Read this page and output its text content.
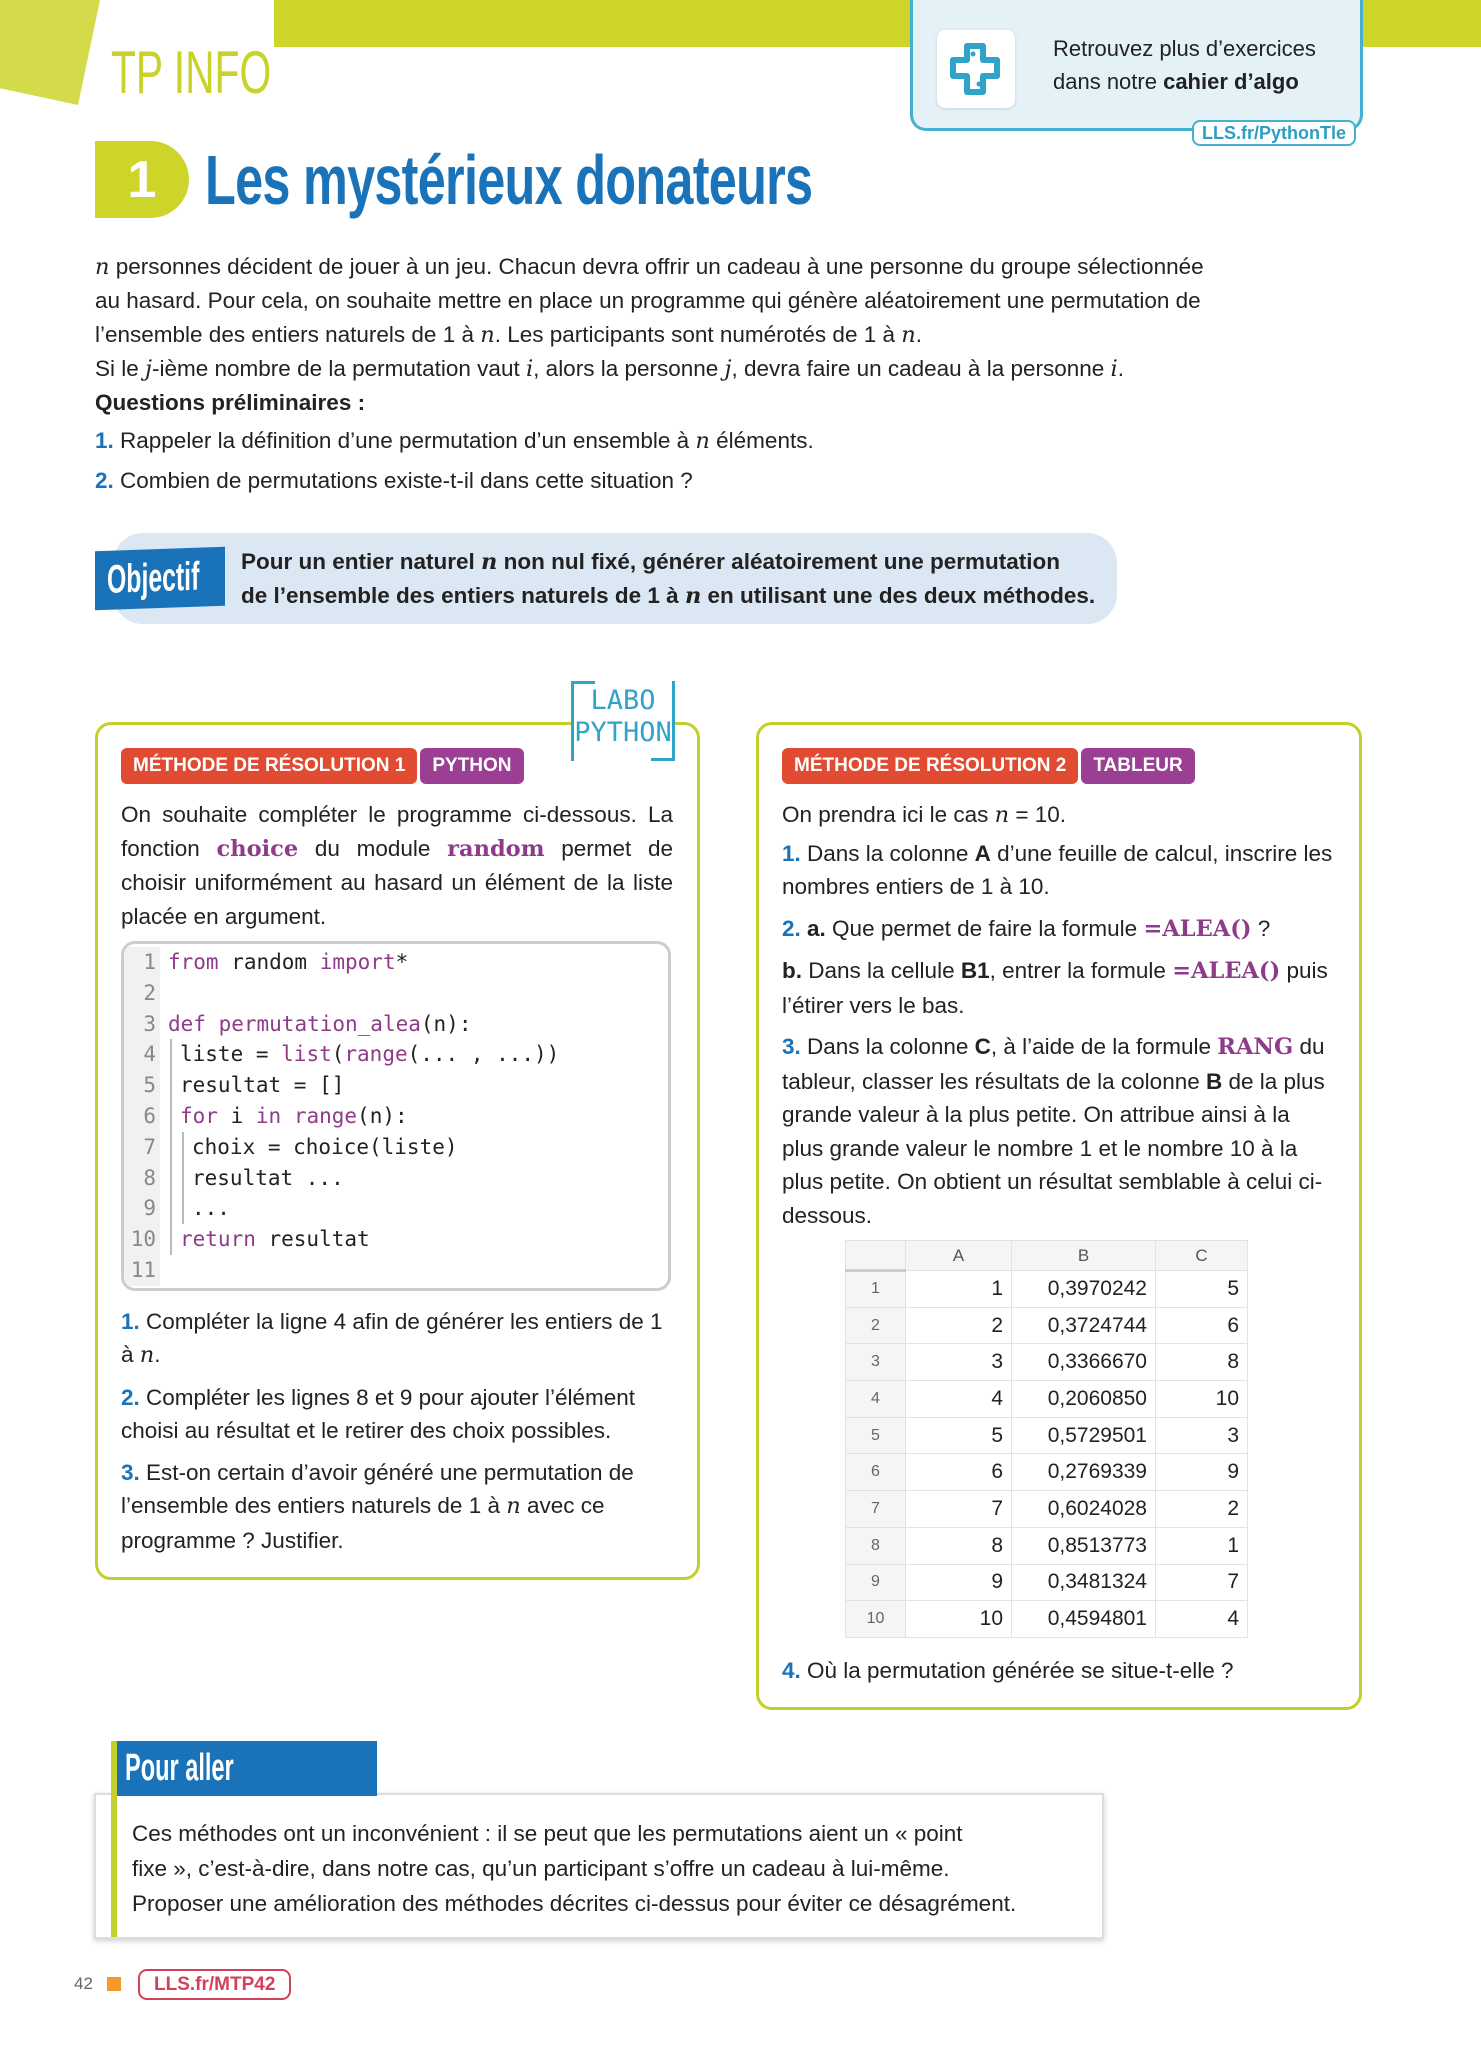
TP INFO	Retrouvez plus d’exercices
dans notre cahier d’algo
LLS.fr/PythonTle
1 Les mystérieux donateurs
n personnes décident de jouer à un jeu. Chacun devra offrir un cadeau à une personne du groupe sélectionnée
au hasard. Pour cela, on souhaite mettre en place un programme qui génère aléatoirement une permutation de
l’ensemble des entiers naturels de 1 à n. Les participants sont numérotés de 1 à n.
Si le j-ième nombre de la permutation vaut i, alors la personne j, devra faire un cadeau à la personne i.
Questions préliminaires :
1. Rappeler la définition d’une permutation d’un ensemble à n éléments.
2. Combien de permutations existe-t-il dans cette situation ?
Objectif	Pour un entier naturel n non nul fixé, générer aléatoirement une permutation
de l’ensemble des entiers naturels de 1 à n en utilisant une des deux méthodes.
MÉTHODE DE RÉSOLUTION 1	PYTHON
On souhaite compléter le programme ci-dessous. La fonction choice du module random permet de choisir uniformément au hasard un élément de la liste placée en argument.
1 from random import *
2
3 def
permutation_alea (n):
4 liste = list ( range (... , ...))
5 resultat = []
6 for i in
range (n):
7 choix = choice(liste)
8 resultat ...
9 ...
10 return resultat
11
1. Compléter la ligne 4 afin de générer les entiers de 1 à n.
2. Compléter les lignes 8 et 9 pour ajouter l’élément choisi au résultat et le retirer des choix possibles.
3. Est-on certain d’avoir généré une permutation de l’ensemble des entiers naturels de 1 à n avec ce programme ? Justifier.
LABO
PYTHON
MÉTHODE DE RÉSOLUTION 2	TABLEUR
On prendra ici le cas n = 10.
1. Dans la colonne A d’une feuille de calcul, inscrire les nombres entiers de 1 à 10.
2. a. Que permet de faire la formule =ALEA() ?
b. Dans la cellule B1, entrer la formule =ALEA() puis l’étirer vers le bas.
3. Dans la colonne C, à l’aide de la formule RANG du tableur, classer les résultats de la colonne B de la plus grande valeur à la plus petite. On attribue ainsi à la plus grande valeur le nombre 1 et le nombre 10 à la plus petite. On obtient un résultat semblable à celui ci-dessous.
	A	B	C
1	1	0,3970242	5
2	2	0,3724744	6
3	3	0,3366670	8
4	4	0,2060850	10
5	5	0,5729501	3
6	6	0,2769339	9
7	7	0,6024028	2
8	8	0,8513773	1
9	9	0,3481324	7
10	10	0,4594801	4
4. Où la permutation générée se situe-t-elle ?
Pour aller
Ces méthodes ont un inconvénient : il se peut que les permutations aient un « point
fixe », c’est-à-dire, dans notre cas, qu’un participant s’offre un cadeau à lui-même.
Proposer une amélioration des méthodes décrites ci-dessus pour éviter ce désagrément.
42	LLS.fr/MTP42
